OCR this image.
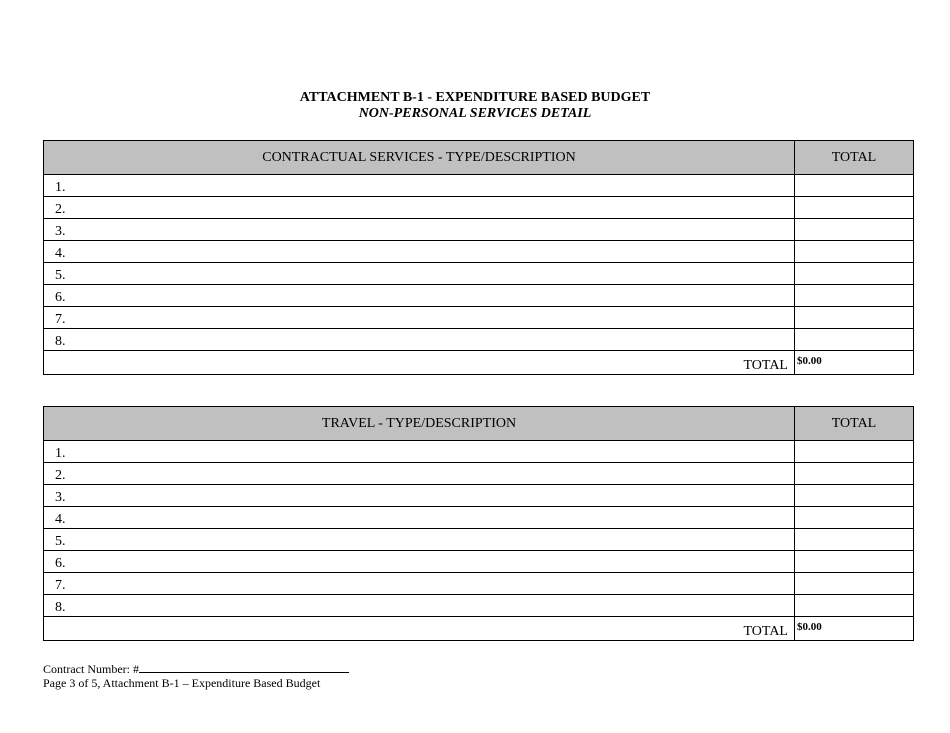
ATTACHMENT B-1 - EXPENDITURE BASED BUDGET

NON-PERSONAL SERVICES DETAIL

CONTRACTUAL SERVICES - TYPE/DESCRIPTION	TOTAL
1.	
2.	
3.	
4.	
5.	
6.	
7.	
8.	
TOTAL	$0.00
TRAVEL - TYPE/DESCRIPTION	TOTAL
1.	
2.	
3.	
4.	
5.	
6.	
7.	
8.	
TOTAL	$0.00
Contract Number: #
Page 3 of 5, Attachment B-1 – Expenditure Based Budget
